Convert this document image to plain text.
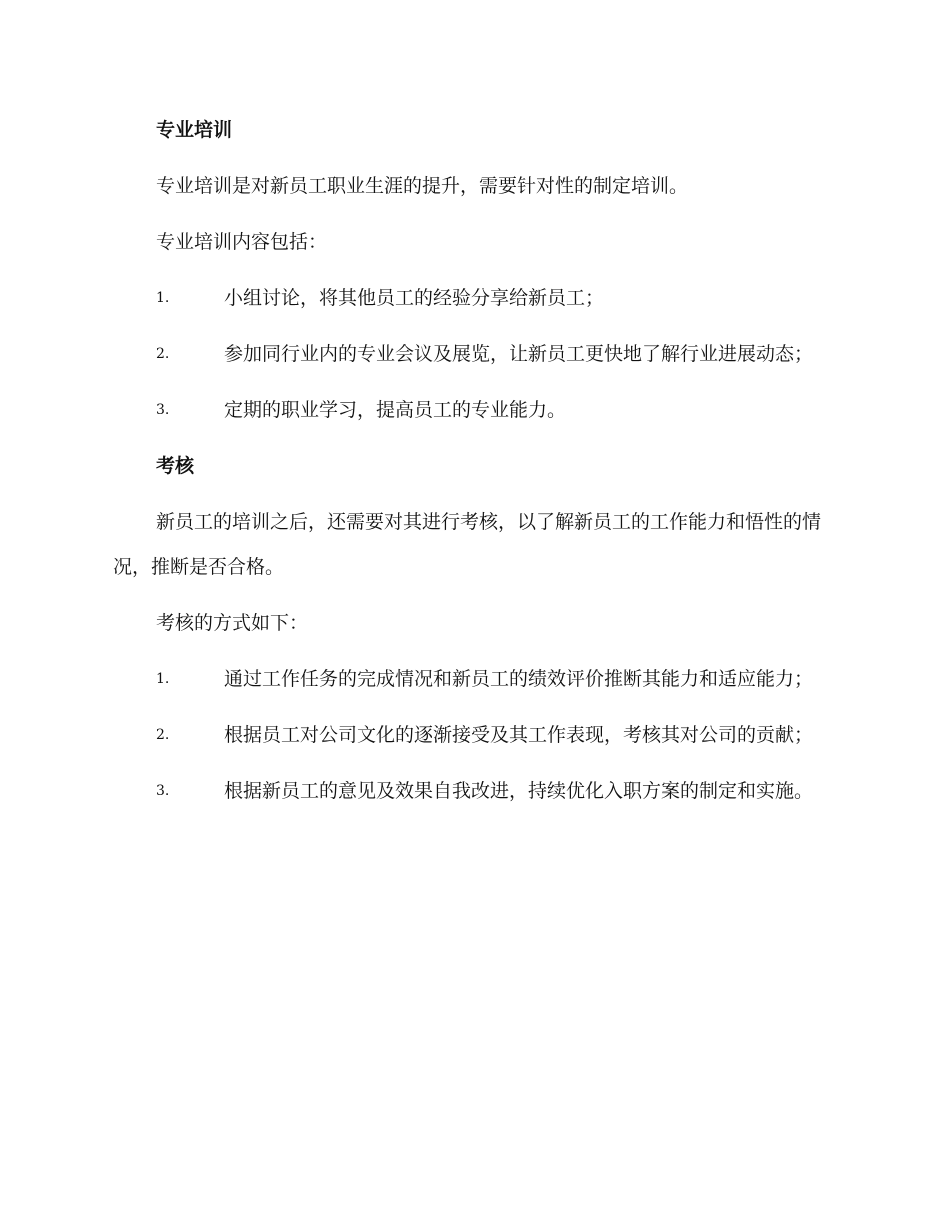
专业培训

专业培训是对新员工职业生涯的提升，需要针对性的制定培训。

专业培训内容包括：

1.	小组讨论，将其他员工的经验分享给新员工；
2.	参加同行业内的专业会议及展览，让新员工更快地了解行业进展动态；
3.	定期的职业学习，提高员工的专业能力。
考核

新员工的培训之后，还需要对其进行考核，以了解新员工的工作能力和悟性的情况，推断是否合格。

考核的方式如下：

1.	通过工作任务的完成情况和新员工的绩效评价推断其能力和适应能力；
2.	根据员工对公司文化的逐渐接受及其工作表现，考核其对公司的贡献；
3.	根据新员工的意见及效果自我改进，持续优化入职方案的制定和实施。
